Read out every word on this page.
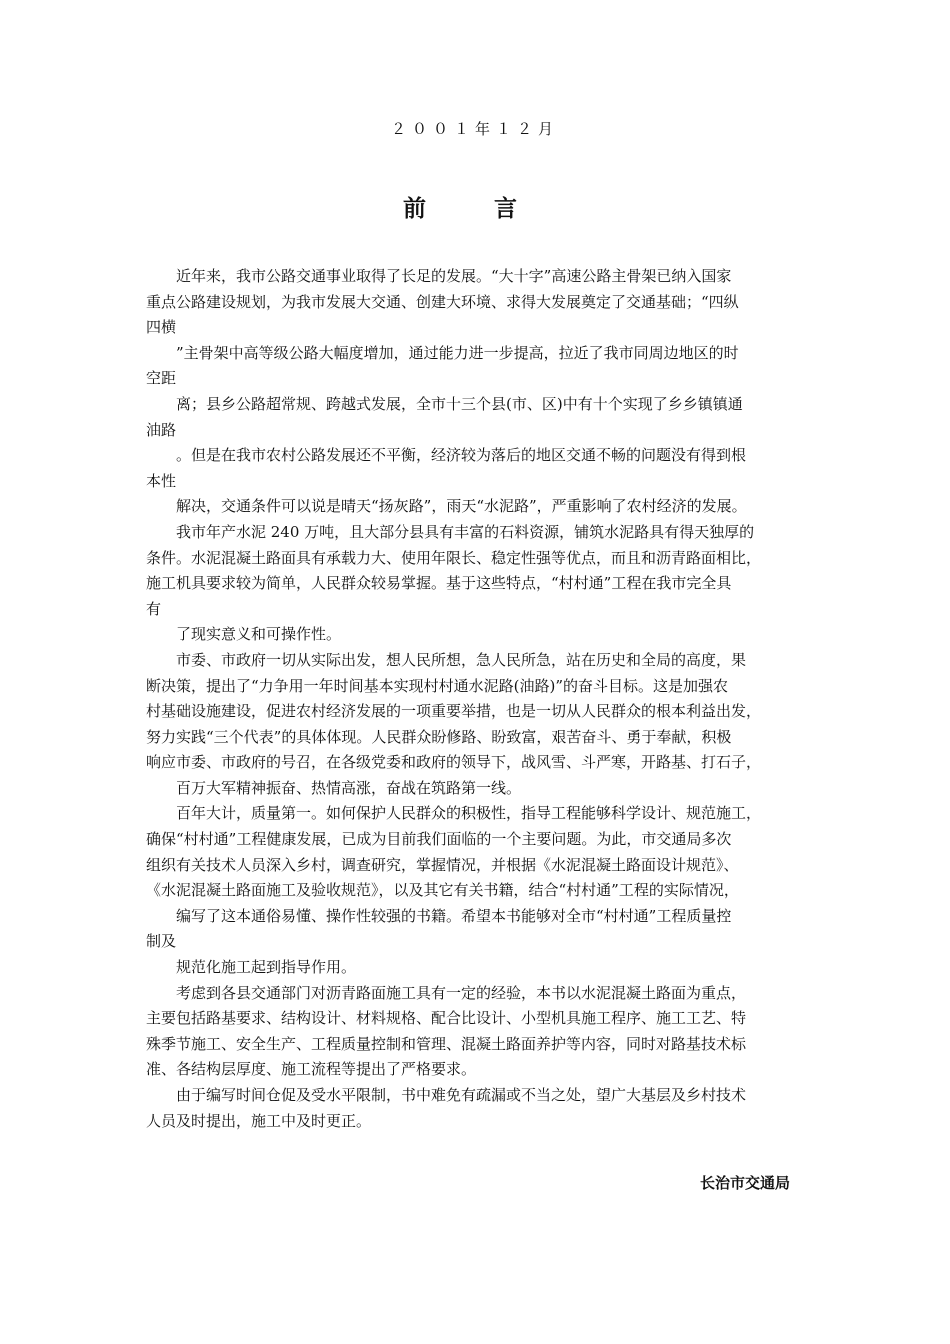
２００１年１２月
前 言
近年来，我市公路交通事业取得了长足的发展。“大十字”高速公路主骨架已纳入国家
重点公路建设规划，为我市发展大交通、创建大环境、求得大发展奠定了交通基础；“四纵
四横
”主骨架中高等级公路大幅度增加，通过能力进一步提高，拉近了我市同周边地区的时
空距
离；县乡公路超常规、跨越式发展，全市十三个县(市、区)中有十个实现了乡乡镇镇通
油路
。但是在我市农村公路发展还不平衡，经济较为落后的地区交通不畅的问题没有得到根
本性
解决，交通条件可以说是晴天“扬灰路”，雨天“水泥路”，严重影响了农村经济的发展。
我市年产水泥 240 万吨，且大部分县具有丰富的石料资源，铺筑水泥路具有得天独厚的
条件。水泥混凝土路面具有承载力大、使用年限长、稳定性强等优点，而且和沥青路面相比，
施工机具要求较为简单，人民群众较易掌握。基于这些特点，“村村通”工程在我市完全具
有
了现实意义和可操作性。
市委、市政府一切从实际出发，想人民所想，急人民所急，站在历史和全局的高度，果
断决策，提出了“力争用一年时间基本实现村村通水泥路(油路)”的奋斗目标。这是加强农
村基础设施建设，促进农村经济发展的一项重要举措，也是一切从人民群众的根本利益出发，
努力实践“三个代表”的具体体现。人民群众盼修路、盼致富，艰苦奋斗、勇于奉献，积极
响应市委、市政府的号召，在各级党委和政府的领导下，战风雪、斗严寒，开路基、打石子，
百万大军精神振奋、热情高涨，奋战在筑路第一线。
百年大计，质量第一。如何保护人民群众的积极性，指导工程能够科学设计、规范施工，
确保“村村通”工程健康发展，已成为目前我们面临的一个主要问题。为此，市交通局多次
组织有关技术人员深入乡村，调查研究，掌握情况，并根据《水泥混凝土路面设计规范》、
《水泥混凝土路面施工及验收规范》，以及其它有关书籍，结合“村村通”工程的实际情况，
编写了这本通俗易懂、操作性较强的书籍。希望本书能够对全市“村村通”工程质量控
制及
规范化施工起到指导作用。
考虑到各县交通部门对沥青路面施工具有一定的经验，本书以水泥混凝土路面为重点，
主要包括路基要求、结构设计、材料规格、配合比设计、小型机具施工程序、施工工艺、特
殊季节施工、安全生产、工程质量控制和管理、混凝土路面养护等内容，同时对路基技术标
准、各结构层厚度、施工流程等提出了严格要求。
由于编写时间仓促及受水平限制，书中难免有疏漏或不当之处，望广大基层及乡村技术
人员及时提出，施工中及时更正。
长治市交通局
